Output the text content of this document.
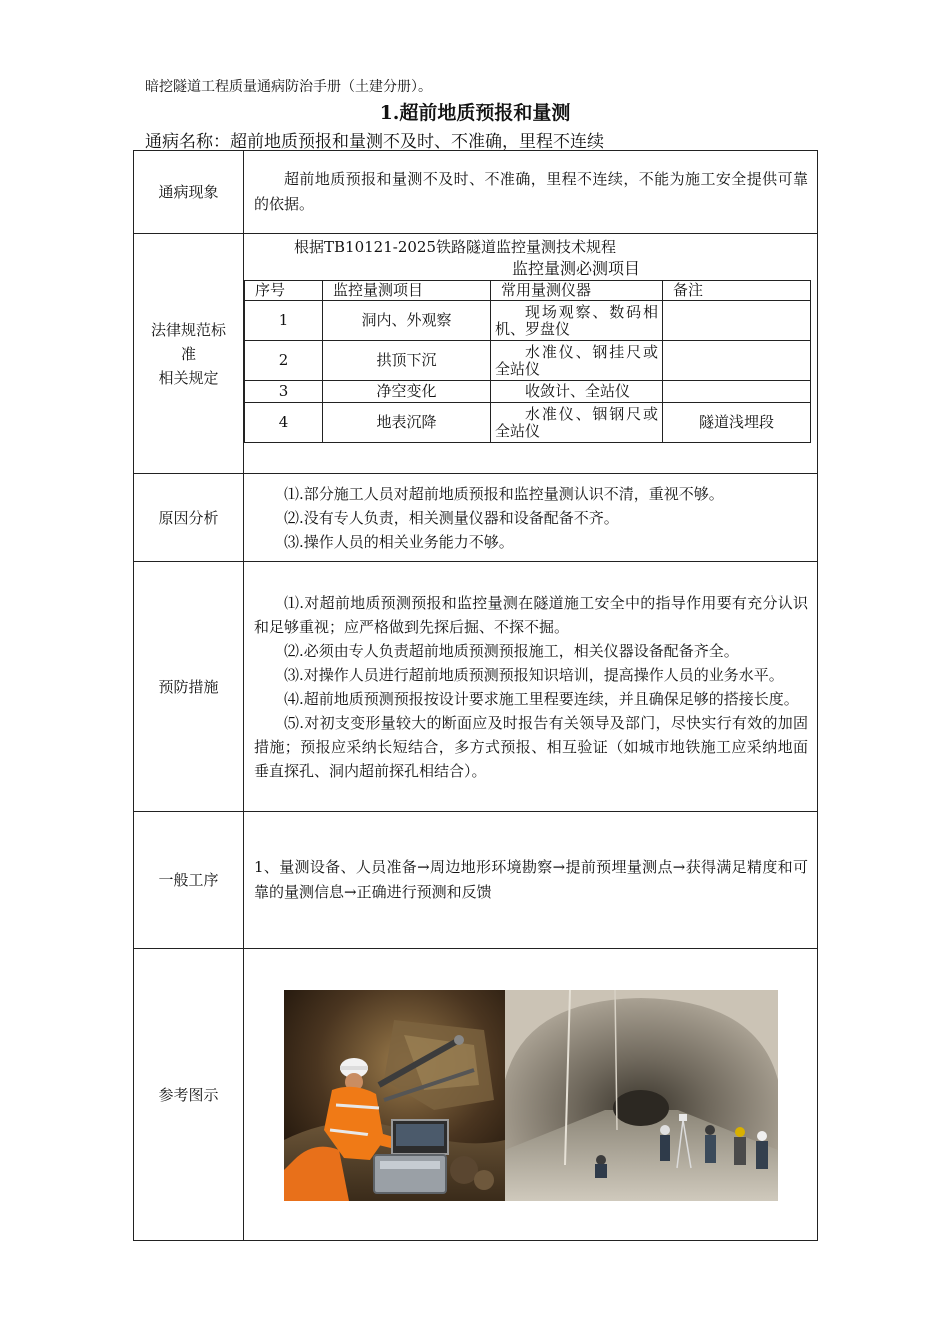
暗挖隧道工程质量通病防治手册（土建分册）。
1.超前地质预报和量测
通病名称：超前地质预报和量测不及时、不准确，里程不连续
通病现象	

超前地质预报和量测不及时、不准确，里程不连续，不能为施工安全提供可靠的依据。

法律规范标
准
相关规定

根据TB10121-2025铁路隧道监控量测技术规程

监控量测必测项目

序号	监控量测项目	常用量测仪器	备注
1	洞内、外观察	现场观察、数码相机、罗盘仪	
2	拱顶下沉	水准仪、钢挂尺或全站仪	
3	净空变化	收敛计、全站仪	
4	地表沉降	水准仪、铟钢尺或全站仪	隧道浅埋段

原因分析	

⑴.部分施工人员对超前地质预报和监控量测认识不清，重视不够。

⑵.没有专人负责，相关测量仪器和设备配备不齐。

⑶.操作人员的相关业务能力不够。

预防措施	

⑴.对超前地质预测预报和监控量测在隧道施工安全中的指导作用要有充分认识和足够重视；应严格做到先探后掘、不探不掘。

⑵.必须由专人负责超前地质预测预报施工，相关仪器设备配备齐全。

⑶.对操作人员进行超前地质预测预报知识培训，提高操作人员的业务水平。

⑷.超前地质预测预报按设计要求施工里程要连续，并且确保足够的搭接长度。

⑸.对初支变形量较大的断面应及时报告有关领导及部门，尽快实行有效的加固措施；预报应采纳长短结合，多方式预报、相互验证（如城市地铁施工应采纳地面垂直探孔、洞内超前探孔相结合）。

一般工序	

1、量测设备、人员准备→周边地形环境勘察→提前预埋量测点→获得满足精度和可靠的量测信息→正确进行预测和反馈

参考图示	
